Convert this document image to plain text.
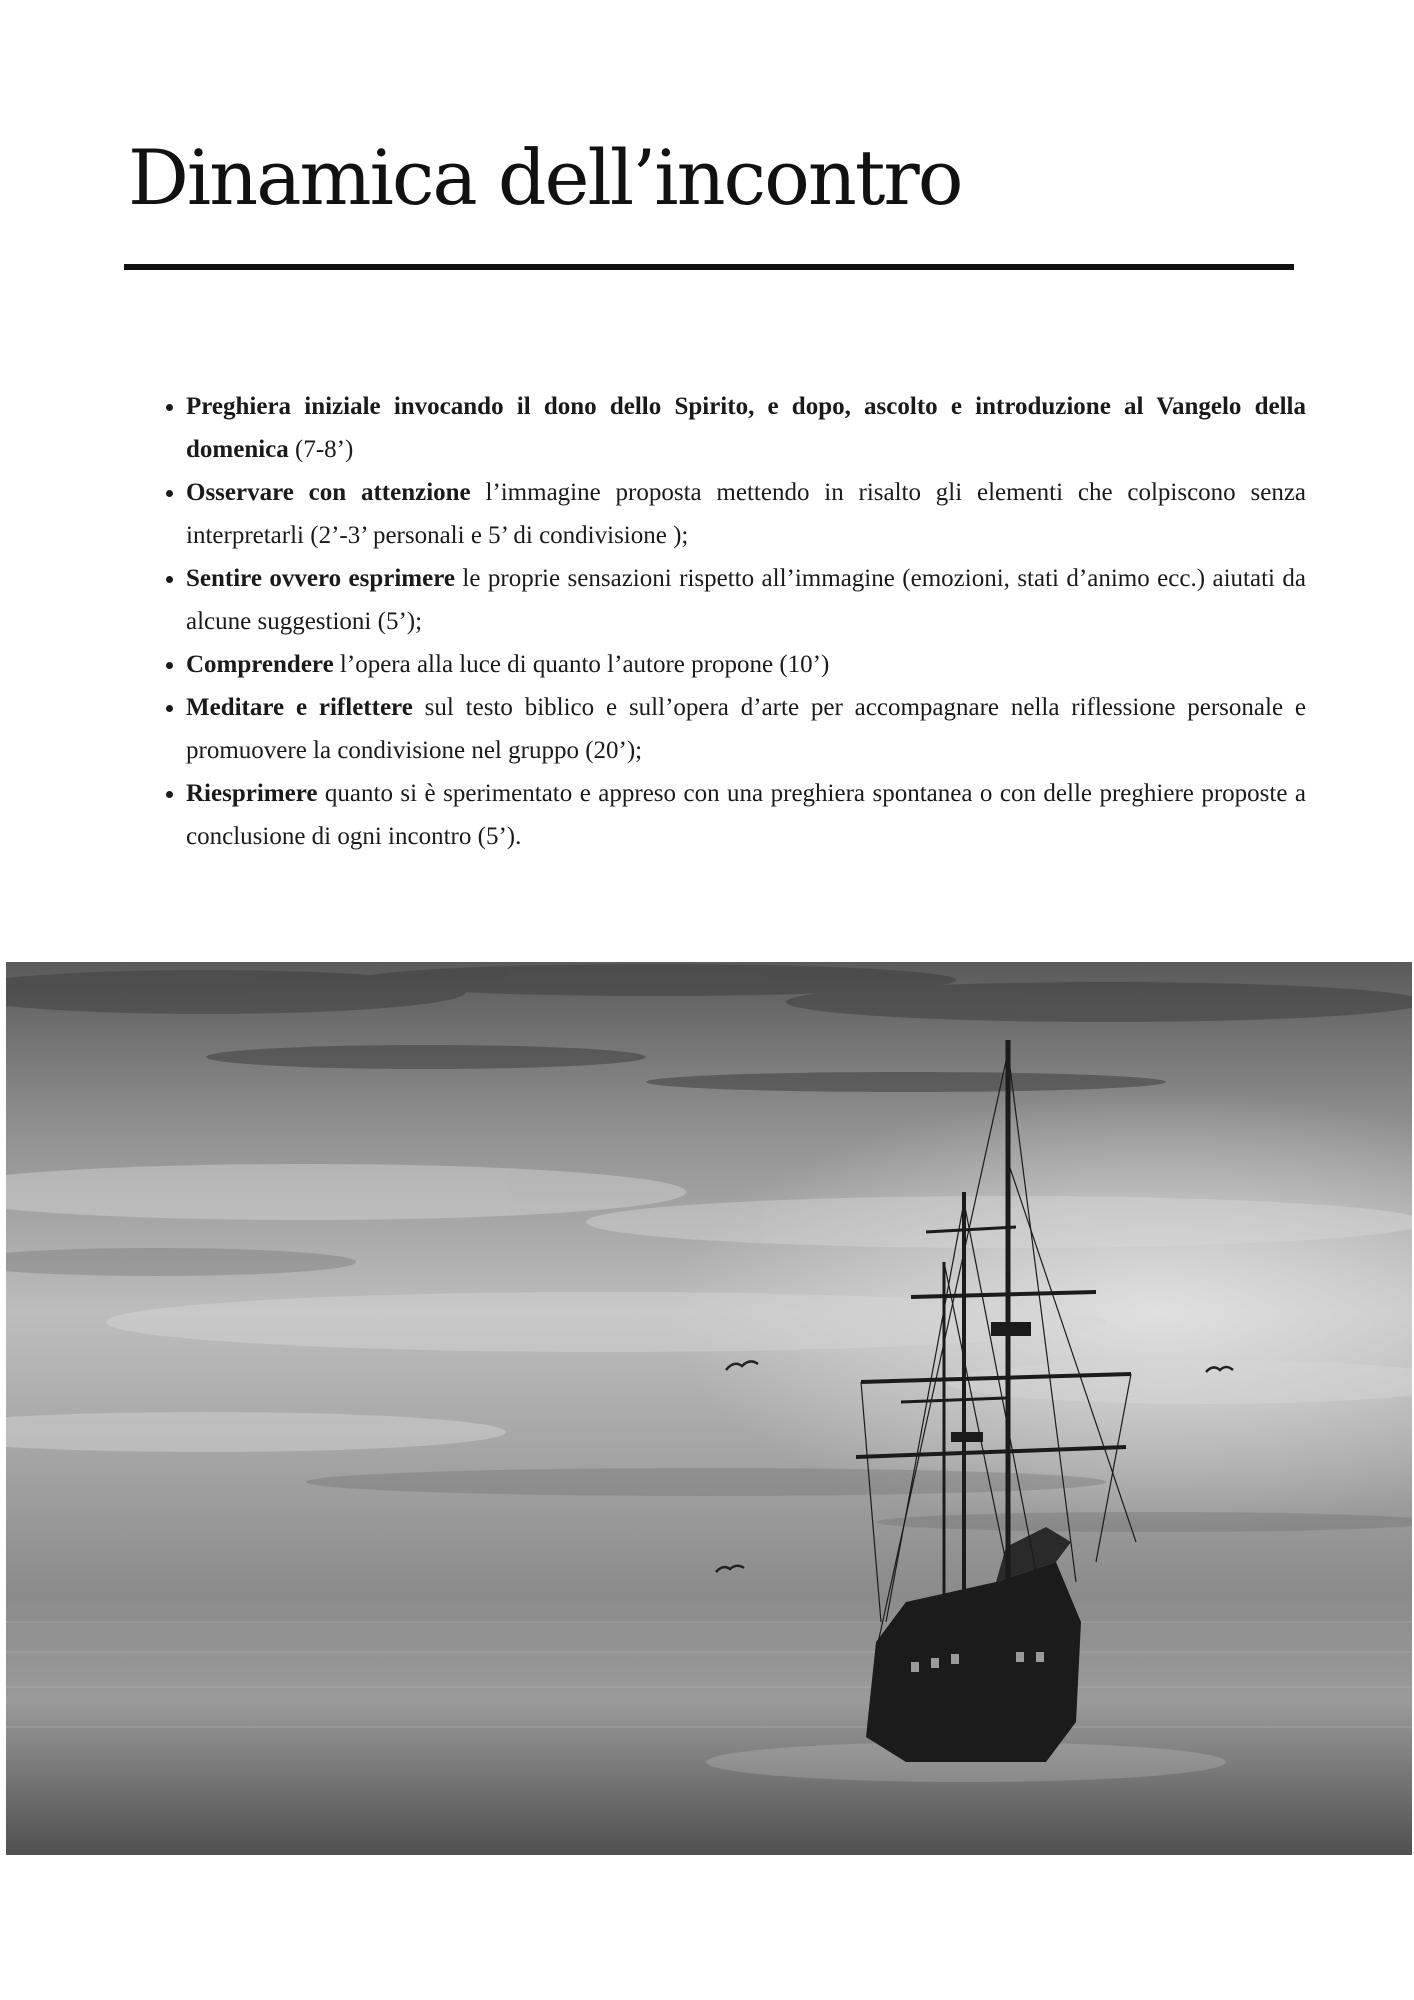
Dinamica dell’incontro
• Preghiera iniziale invocando il dono dello Spirito, e dopo, ascolto e introduzione al Vangelo della domenica (7-8’)
• Osservare con attenzione l’immagine proposta mettendo in risalto gli elementi che colpiscono senza interpretarli (2’-3’ personali e 5’ di condivisione );
• Sentire ovvero esprimere le proprie sensazioni rispetto all’immagine (emozioni, stati d’animo ecc.) aiutati da alcune suggestioni (5’);
• Comprendere l’opera alla luce di quanto l’autore propone (10’)
• Meditare e riflettere sul testo biblico e sull’opera d’arte per accompagnare nella riflessione personale e promuovere la condivisione nel gruppo (20’);
• Riesprimere quanto si è sperimentato e appreso con una preghiera spontanea o con delle preghiere proposte a conclusione di ogni incontro (5’).
